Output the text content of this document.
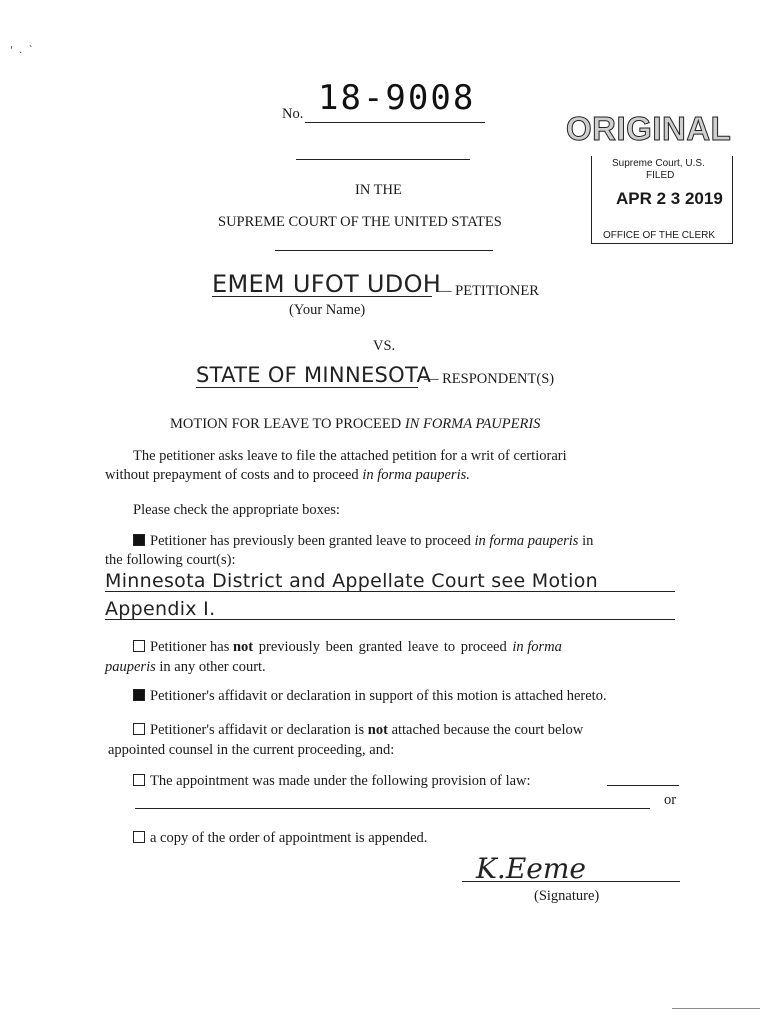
'  .  `
No. 18-9008
ORIGINAL
Supreme Court, U.S.
FILED
APR 2 3 2019
OFFICE OF THE CLERK
IN THE
SUPREME COURT OF THE UNITED STATES
EMEM UFOT UDOH
— PETITIONER
(Your Name)
VS.
STATE OF MINNESOTA
— RESPONDENT(S)
MOTION FOR LEAVE TO PROCEED IN FORMA PAUPERIS
The petitioner asks leave to file the attached petition for a writ of certiorari
without prepayment of costs and to proceed in forma pauperis.
Please check the appropriate boxes:
Petitioner has previously been granted leave to proceed in forma pauperis in
the following court(s):
Minnesota District and Appellate Court see Motion
Appendix I.
Petitioner has not previously been granted leave to proceed in forma
pauperis in any other court.
Petitioner's affidavit or declaration in support of this motion is attached hereto.
Petitioner's affidavit or declaration is not attached because the court below
appointed counsel in the current proceeding, and:
The appointment was made under the following provision of law:
or
a copy of the order of appointment is appended.
K.Eeme
(Signature)
